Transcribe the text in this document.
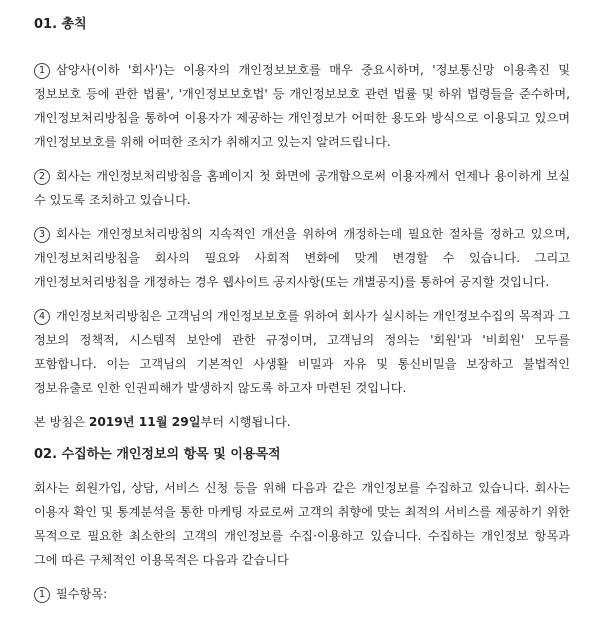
01. 총칙

1 삼양사(이하 '회사')는 이용자의 개인정보보호를 매우 중요시하며, '정보통신망 이용촉진 및 정보보호 등에 관한 법률', '개인정보보호법' 등 개인정보보호 관련 법률 및 하위 법령들을 준수하며, 개인정보처리방침을 통하여 이용자가 제공하는 개인정보가 어떠한 용도와 방식으로 이용되고 있으며 개인정보보호를 위해 어떠한 조치가 취해지고 있는지 알려드립니다.

2 회사는 개인정보처리방침을 홈페이지 첫 화면에 공개함으로써 이용자께서 언제나 용이하게 보실 수 있도록 조치하고 있습니다.

3 회사는 개인정보처리방침의 지속적인 개선을 위하여 개정하는데 필요한 절차를 정하고 있으며, 개인정보처리방침을 회사의 필요와 사회적 변화에 맞게 변경할 수 있습니다. 그리고 개인정보처리방침을 개정하는 경우 웹사이트 공지사항(또는 개별공지)를 통하여 공지할 것입니다.

4 개인정보처리방침은 고객님의 개인정보보호를 위하여 회사가 실시하는 개인정보수집의 목적과 그 정보의 정책적, 시스템적 보안에 관한 규정이며, 고객님의 정의는 '회원'과 '비회원' 모두를 포함합니다. 이는 고객님의 기본적인 사생활 비밀과 자유 및 통신비밀을 보장하고 불법적인 정보유출로 인한 인권피해가 발생하지 않도록 하고자 마련된 것입니다.

본 방침은 2019년 11월 29일부터 시행됩니다.

02. 수집하는 개인정보의 항목 및 이용목적

회사는 회원가입, 상담, 서비스 신청 등을 위해 다음과 같은 개인정보를 수집하고 있습니다. 회사는 이용자 확인 및 통계분석을 통한 마케팅 자료로써 고객의 취향에 맞는 최적의 서비스를 제공하기 위한 목적으로 필요한 최소한의 고객의 개인정보를 수집·이용하고 있습니다. 수집하는 개인정보 항목과 그에 따른 구체적인 이용목적은 다음과 같습니다

1 필수항목:
